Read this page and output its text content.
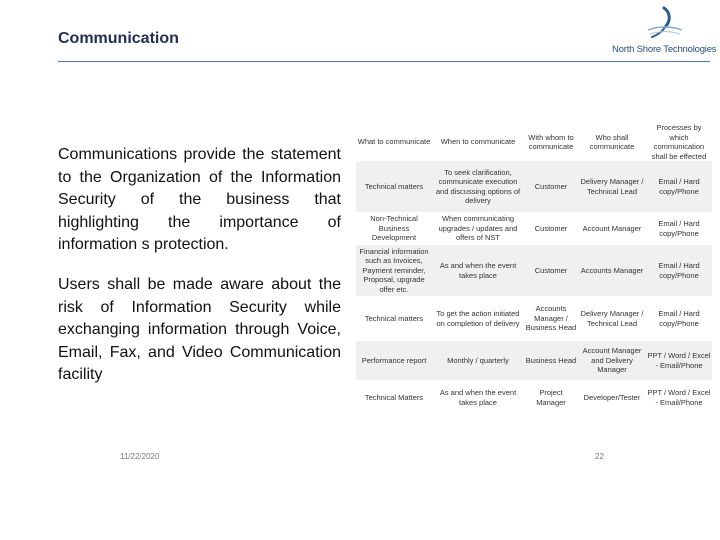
Communication
North Shore Technologies
Communications provide the statement to the Organization of the Information Security of the business that highlighting the importance of information s protection.
Users shall be made aware about the risk of Information Security while exchanging information through Voice, Email, Fax, and Video Communication facility
What to communicate	When to communicate	With whom to communicate	Who shall communicate	Processes by which communication shall be effected
Technical matters	To seek clarification, communicate execution and discussing options of delivery	Customer	Delivery Manager / Technical Lead	Email / Hard copy/Phone
Non-Technical Business Development	When communicating upgrades / updates and offers of NST	Customer	Account Manager	Email / Hard copy/Phone
Financial information such as Invoices, Payment reminder, Proposal, upgrade offer etc.	As and when the event takes place	Customer	Accounts Manager	Email / Hard copy/Phone
Technical matters	To get the action initiated on completion of delivery	Accounts Manager / Business Head	Delivery Manager / Technical Lead	Email / Hard copy/Phone
Performance report	Monthly / quarterly	Business Head	Account Manager and Delivery Manager	PPT / Word / Excel - Email/Phone
Technical Matters	As and when the event takes place	Project Manager	Developer/Tester	PPT / Word / Excel - Email/Phone
11/22/2020	22
